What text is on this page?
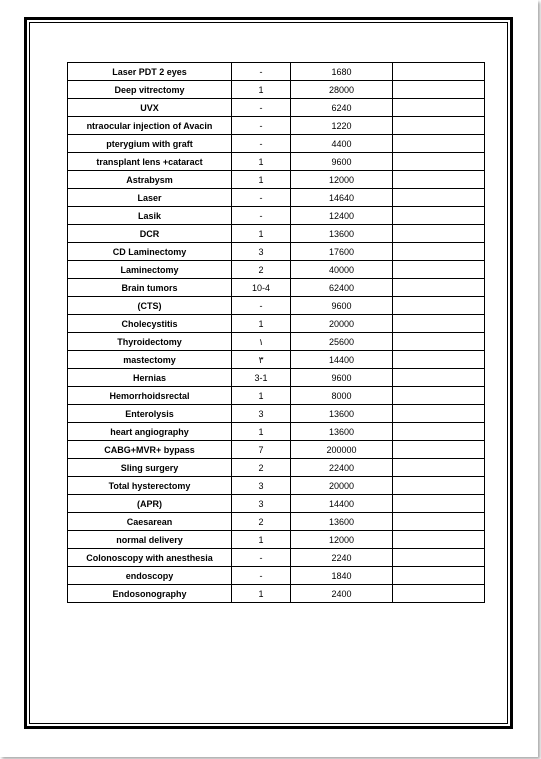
Laser PDT 2 eyes	-	1680	
Deep vitrectomy	1	28000	
UVX	-	6240	
ntraocular injection of Avacin	-	1220	
pterygium with graft	-	4400	
transplant lens +cataract	1	9600	
Astrabysm	1	12000	
Laser	-	14640	
Lasik	-	12400	
DCR	1	13600	
CD Laminectomy	3	17600	
Laminectomy	2	40000	
Brain tumors	10-4	62400	
(CTS)	-	9600	
Cholecystitis	1	20000	
Thyroidectomy	١	25600	
mastectomy	٣	14400	
Hernias	3-1	9600	
Hemorrhoidsrectal	1	8000	
Enterolysis	3	13600	
heart angiography	1	13600	
CABG+MVR+ bypass	7	200000	
Sling surgery	2	22400	
Total hysterectomy	3	20000	
(APR)	3	14400	
Caesarean	2	13600	
normal delivery	1	12000	
Colonoscopy with anesthesia	-	2240	
endoscopy	-	1840	
Endosonography	1	2400	
